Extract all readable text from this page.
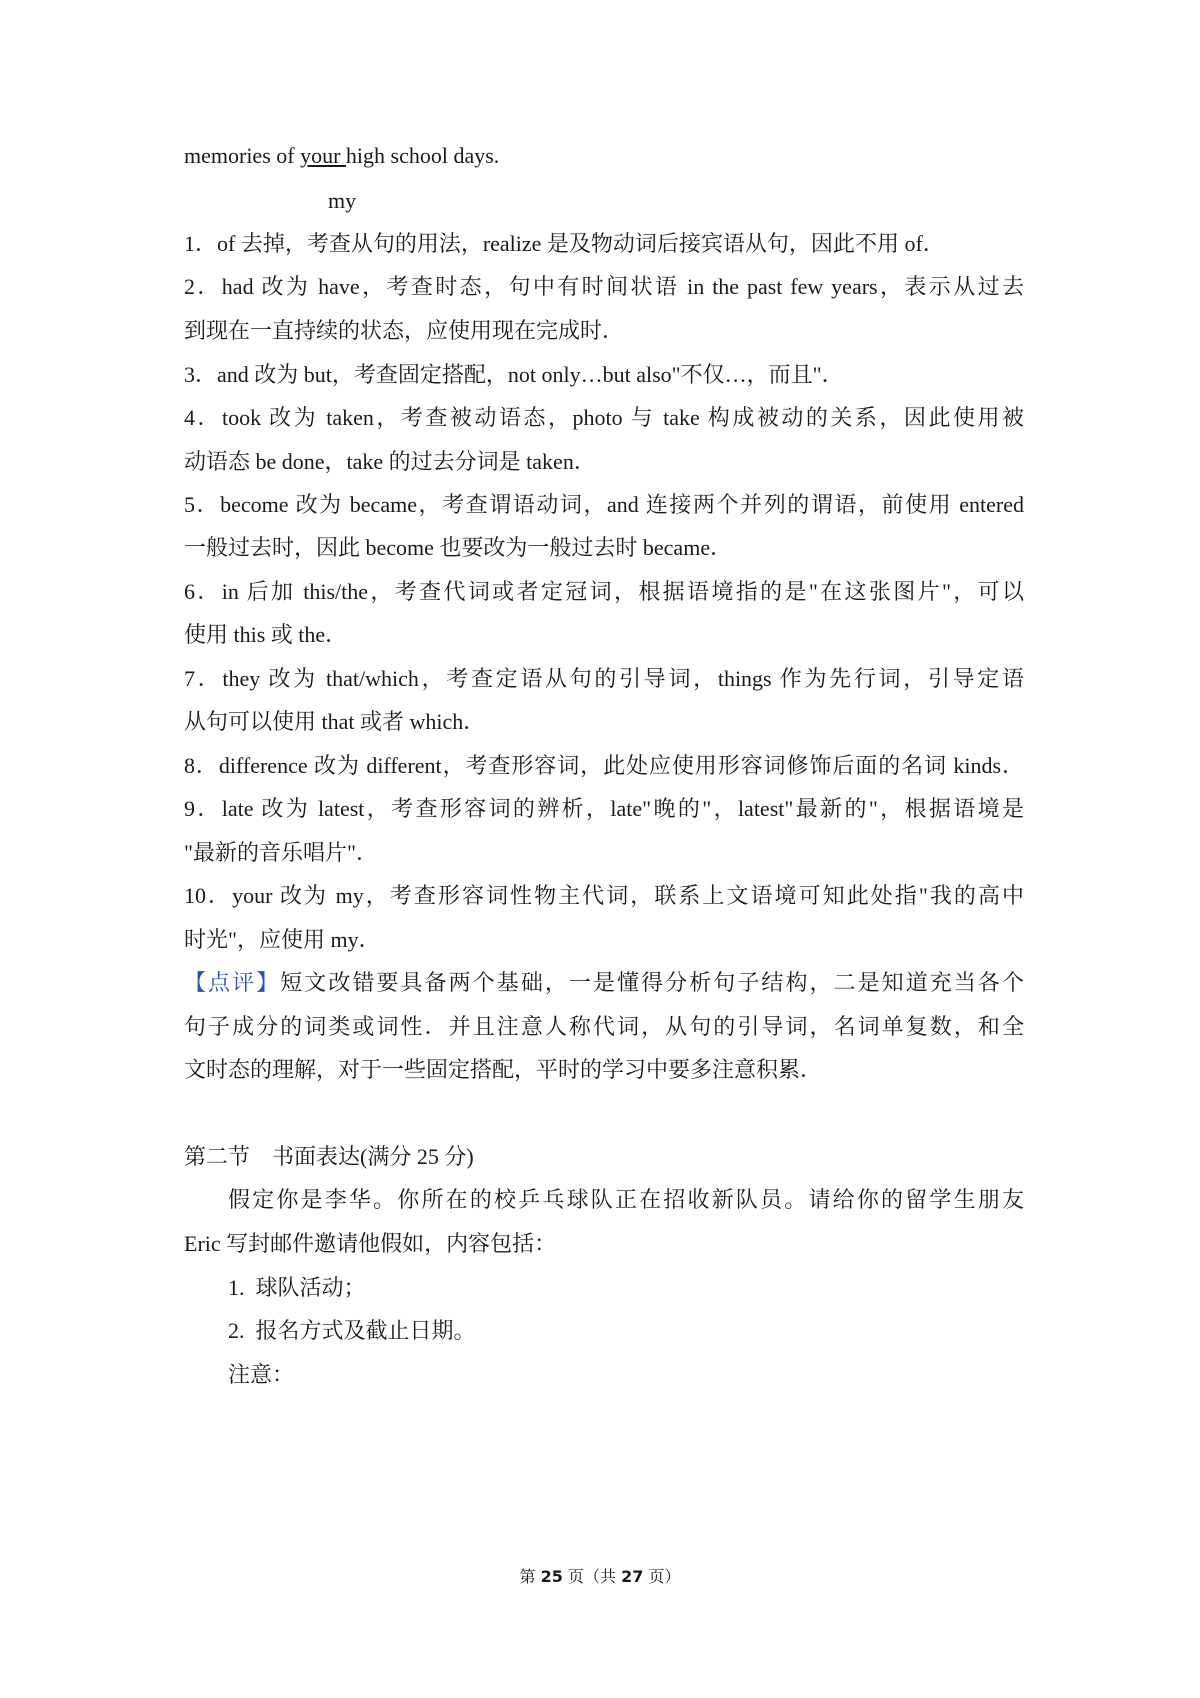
memories of your high school days.
my
1．of 去掉，考查从句的用法，realize 是及物动词后接宾语从句，因此不用 of．
2．had 改为 have，考查时态，句中有时间状语 in the past few years，表示从过去
到现在一直持续的状态，应使用现在完成时．
3．and 改为 but，考查固定搭配，not only…but also"不仅…，而且"．
4．took 改为 taken，考查被动语态，photo 与 take 构成被动的关系，因此使用被
动语态 be done，take 的过去分词是 taken．
5．become 改为 became，考查谓语动词，and 连接两个并列的谓语，前使用 entered
一般过去时，因此 become 也要改为一般过去时 became．
6．in 后加 this/the，考查代词或者定冠词，根据语境指的是"在这张图片"，可以
使用 this 或 the．
7．they 改为 that/which，考查定语从句的引导词，things 作为先行词，引导定语
从句可以使用 that 或者 which．
8．difference 改为 different，考查形容词，此处应使用形容词修饰后面的名词 kinds．
9．late 改为 latest，考查形容词的辨析，late"晚的"，latest"最新的"，根据语境是
"最新的音乐唱片"．
10．your 改为 my，考查形容词性物主代词，联系上文语境可知此处指"我的高中
时光"，应使用 my．
【点评】短文改错要具备两个基础，一是懂得分析句子结构，二是知道充当各个
句子成分的词类或词性．并且注意人称代词，从句的引导词，名词单复数，和全
文时态的理解，对于一些固定搭配，平时的学习中要多注意积累．
第二节    书面表达(满分 25 分)
假定你是李华。你所在的校乒乓球队正在招收新队员。请给你的留学生朋友
Eric 写封邮件邀请他假如，内容包括：
1.  球队活动；
2.  报名方式及截止日期。
注意：
第 25 页（共 27 页）
